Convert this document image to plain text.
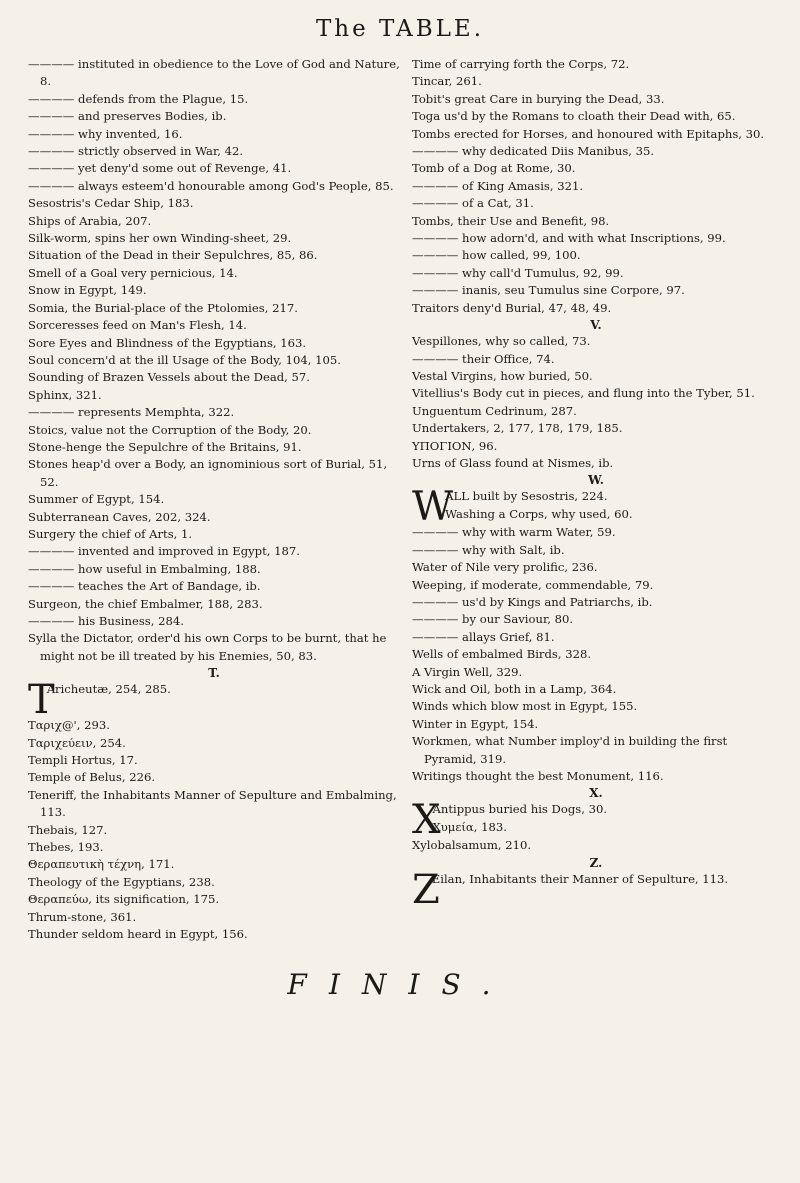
The TABLE.

———— instituted in obedience to the Love of God and Nature, 8.

———— defends from the Plague, 15.

———— and preserves Bodies, ib.

———— why invented, 16.

———— strictly observed in War, 42.

———— yet deny'd some out of Revenge, 41.

———— always esteem'd honourable among God's People, 85.

Sesostris's Cedar Ship, 183.

Ships of Arabia, 207.

Silk-worm, spins her own Winding-sheet, 29.

Situation of the Dead in their Sepulchres, 85, 86.

Smell of a Goal very pernicious, 14.

Snow in Egypt, 149.

Somia, the Burial-place of the Ptolomies, 217.

Sorceresses feed on Man's Flesh, 14.

Sore Eyes and Blindness of the Egyptians, 163.

Soul concern'd at the ill Usage of the Body, 104, 105.

Sounding of Brazen Vessels about the Dead, 57.

Sphinx, 321.

———— represents Memphta, 322.

Stoics, value not the Corruption of the Body, 20.

Stone-henge the Sepulchre of the Britains, 91.

Stones heap'd over a Body, an ignominious sort of Burial, 51, 52.

Summer of Egypt, 154.

Subterranean Caves, 202, 324.

Surgery the chief of Arts, 1.

———— invented and improved in Egypt, 187.

———— how useful in Embalming, 188.

———— teaches the Art of Bandage, ib.

Surgeon, the chief Embalmer, 188, 283.

———— his Business, 284.

Sylla the Dictator, order'd his own Corps to be burnt, that he might not be ill treated by his Enemies, 50, 83.

T.

T
Aricheutæ, 254, 285.

Ταριχ@', 293.

Ταριχεύειν, 254.

Templi Hortus, 17.

Temple of Belus, 226.

Teneriff, the Inhabitants Manner of Sepulture and Embalming, 113.

Thebais, 127.

Thebes, 193.

Θεραπευτικὴ τέχνη, 171.

Theology of the Egyptians, 238.

Θεραπεύω, its signification, 175.

Thrum-stone, 361.

Thunder seldom heard in Egypt, 156.

Time of carrying forth the Corps, 72.

Tincar, 261.

Tobit's great Care in burying the Dead, 33.

Toga us'd by the Romans to cloath their Dead with, 65.

Tombs erected for Horses, and honoured with Epitaphs, 30.

———— why dedicated Diis Manibus, 35.

Tomb of a Dog at Rome, 30.

———— of King Amasis, 321.

———— of a Cat, 31.

Tombs, their Use and Benefit, 98.

———— how adorn'd, and with what Inscriptions, 99.

———— how called, 99, 100.

———— why call'd Tumulus, 92, 99.

———— inanis, seu Tumulus sine Corpore, 97.

Traitors deny'd Burial, 47, 48, 49.

V.

Vespillones, why so called, 73.

———— their Office, 74.

Vestal Virgins, how buried, 50.

Vitellius's Body cut in pieces, and flung into the Tyber, 51.

Unguentum Cedrinum, 287.

Undertakers, 2, 177, 178, 179, 185.

ΥΠΟΓΙΟΝ, 96.

Urns of Glass found at Nismes, ib.

W.

W
ALL built by Sesostris, 224.

Washing a Corps, why used, 60.

———— why with warm Water, 59.

———— why with Salt, ib.

Water of Nile very prolific, 236.

Weeping, if moderate, commendable, 79.

———— us'd by Kings and Patriarchs, ib.

———— by our Saviour, 80.

———— allays Grief, 81.

Wells of embalmed Birds, 328.

A Virgin Well, 329.

Wick and Oil, both in a Lamp, 364.

Winds which blow most in Egypt, 155.

Winter in Egypt, 154.

Workmen, what Number imploy'd in building the first Pyramid, 319.

Writings thought the best Monument, 116.

X.

X
Antippus buried his Dogs, 30.

Χυμεία, 183.

Xylobalsamum, 210.

Z.

Z
Eilan, Inhabitants their Manner of Sepulture, 113.

FINIS.
